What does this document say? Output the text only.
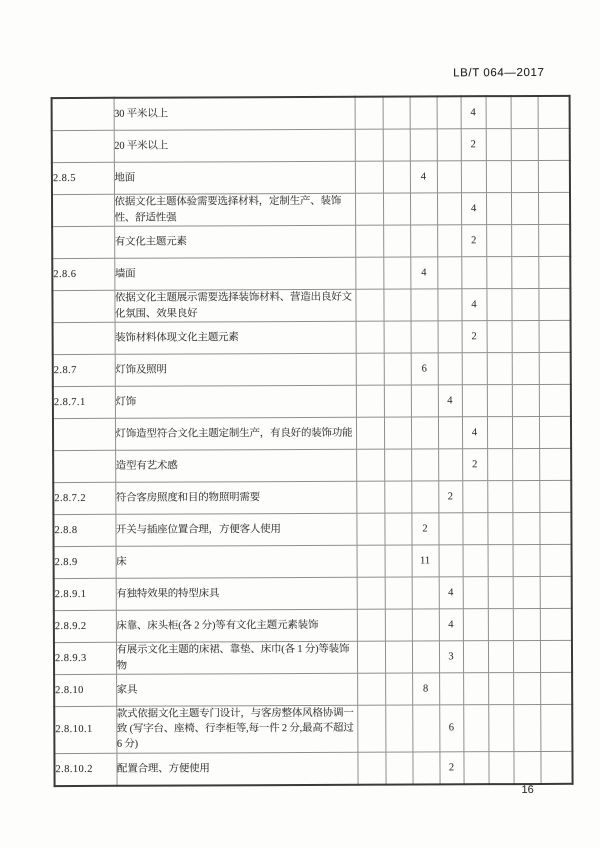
LB/T 064—2017
	30 平米以上					4			
	20 平米以上					2			
2.8.5	地面			4					
	依据文化主题体验需要选择材料，定制生产、装饰性、舒适性强					4			
	有文化主题元素					2			
2.8.6	墙面			4					
	依据文化主题展示需要选择装饰材料、营造出良好文化氛围、效果良好					4			
	装饰材料体现文化主题元素					2			
2.8.7	灯饰及照明			6					
2.8.7.1	灯饰				4				
	灯饰造型符合文化主题定制生产，有良好的装饰功能					4			
	造型有艺术感					2			
2.8.7.2	符合客房照度和目的物照明需要				2				
2.8.8	开关与插座位置合理，方便客人使用			2					
2.8.9	床			11					
2.8.9.1	有独特效果的特型床具				4				
2.8.9.2	床靠、床头柜(各 2 分)等有文化主题元素装饰				4				
2.8.9.3	有展示文化主题的床裙、靠垫、床巾(各 1 分)等装饰物				3				
2.8.10	家具			8					
2.8.10.1	款式依据文化主题专门设计，与客房整体风格协调一致 (写字台、座椅、行李柜等,每一件 2 分,最高不超过 6 分)				6				
2.8.10.2	配置合理、方便使用				2				
16
